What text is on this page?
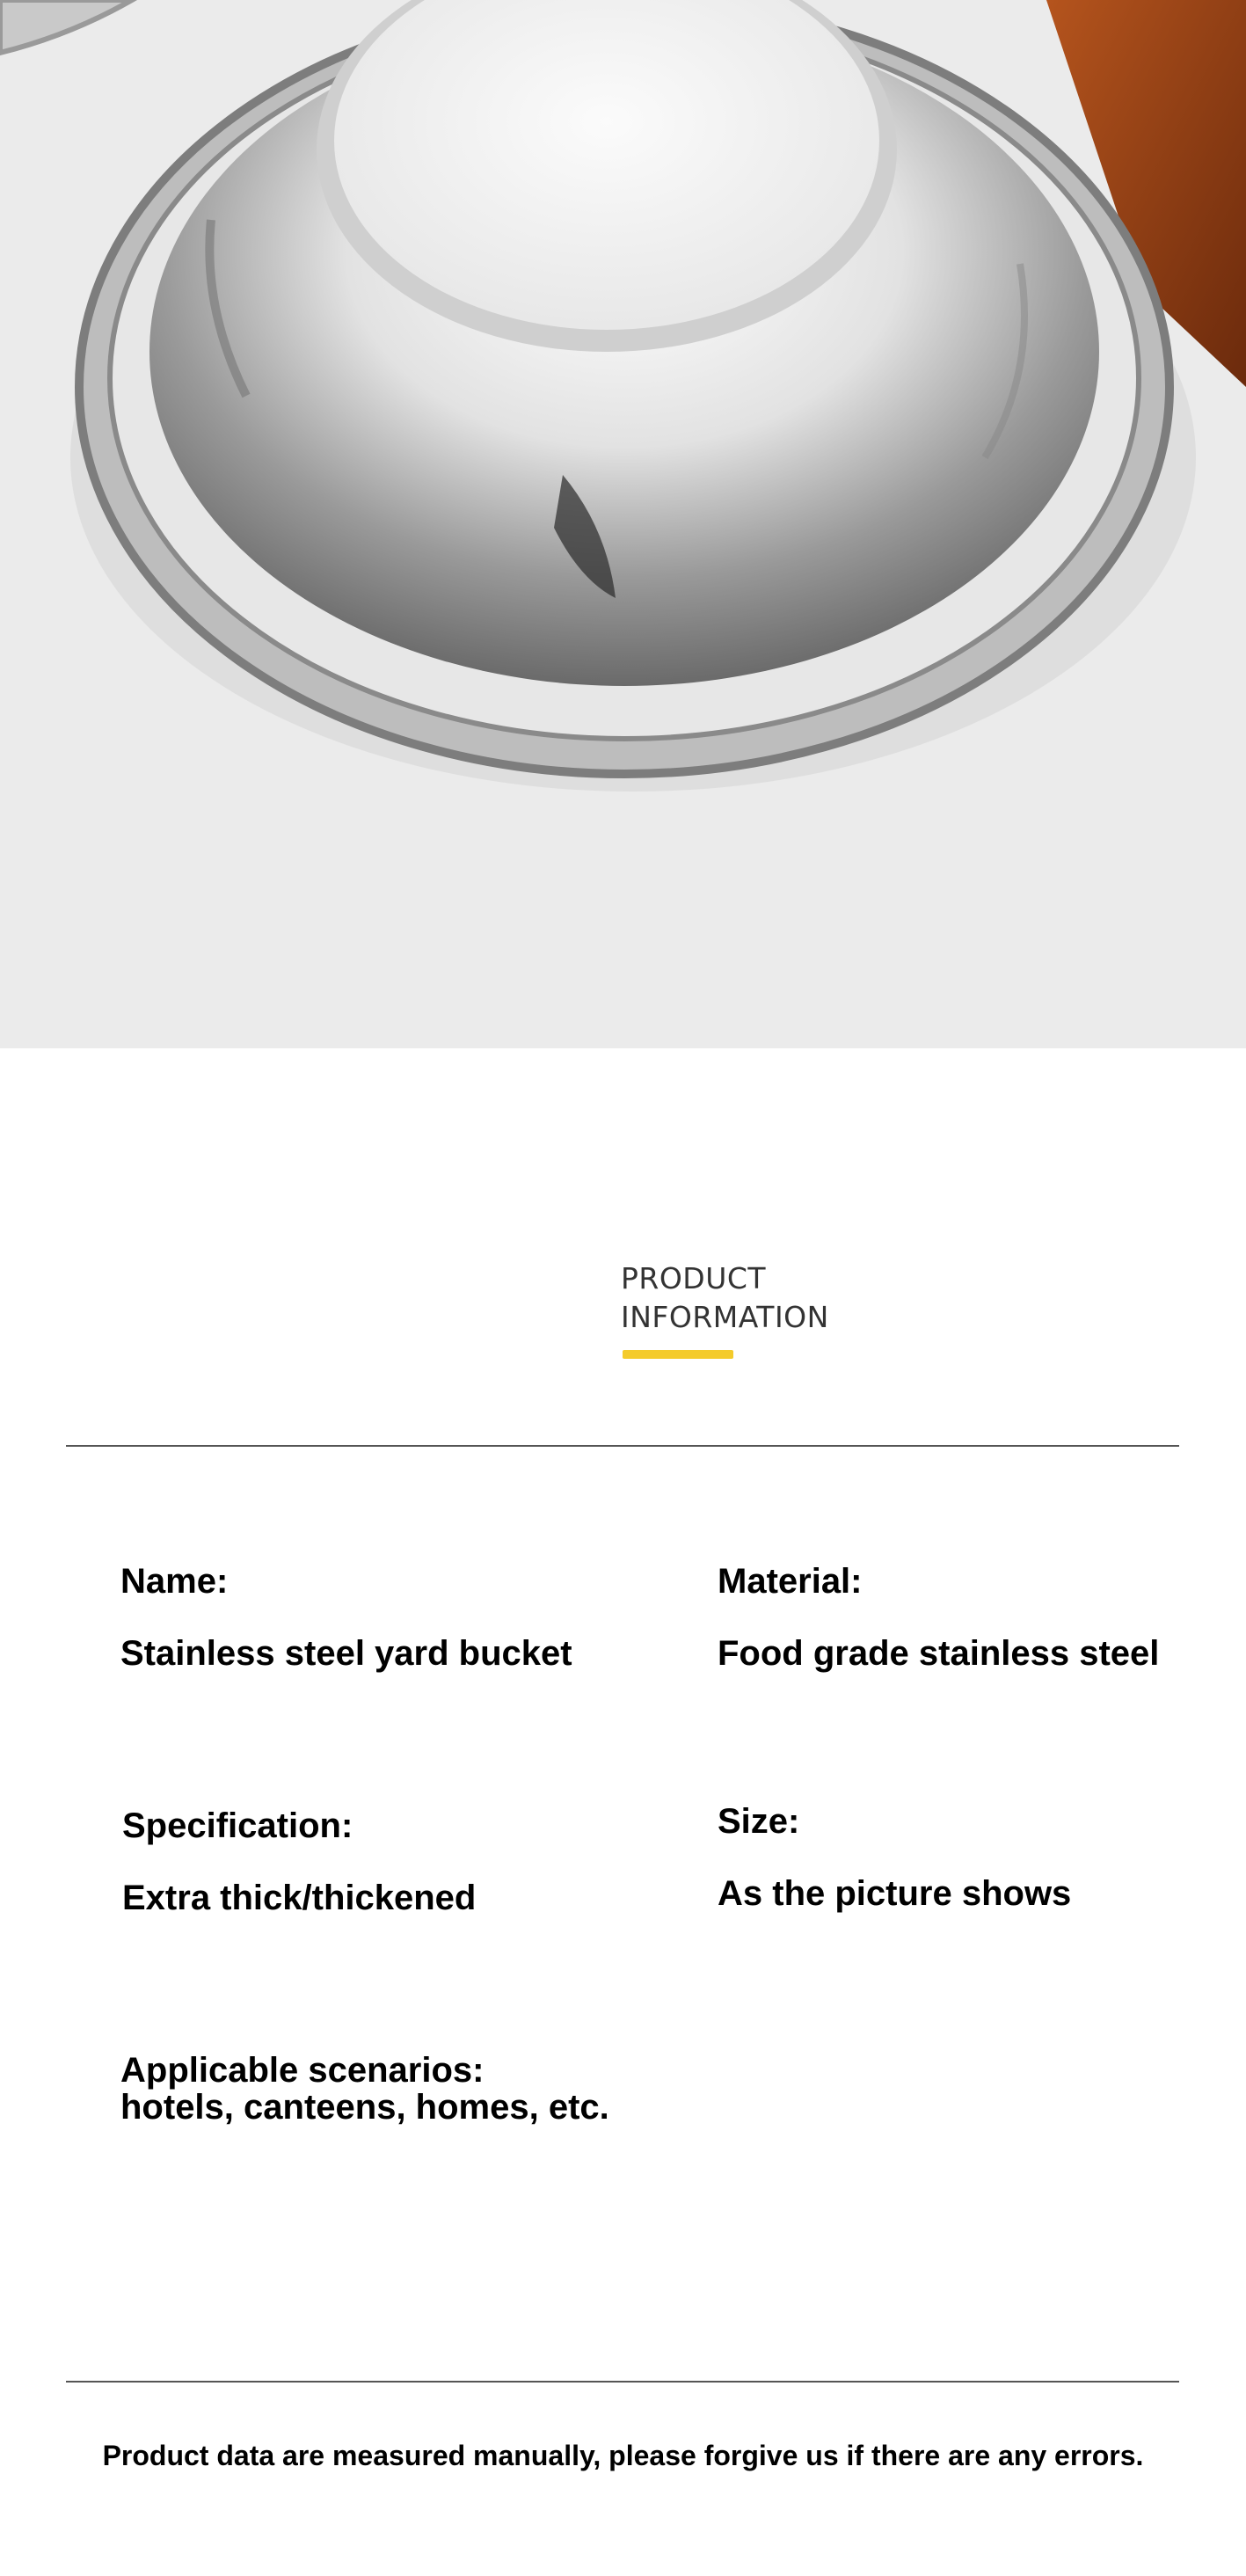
PRODUCT
INFORMATION
Name:
Stainless steel yard bucket
Material:
Food grade stainless steel
Specification:
Extra thick/thickened
Size:
As the picture shows
Applicable scenarios:
hotels, canteens, homes, etc.
Product data are measured manually, please forgive us if there are any errors.
